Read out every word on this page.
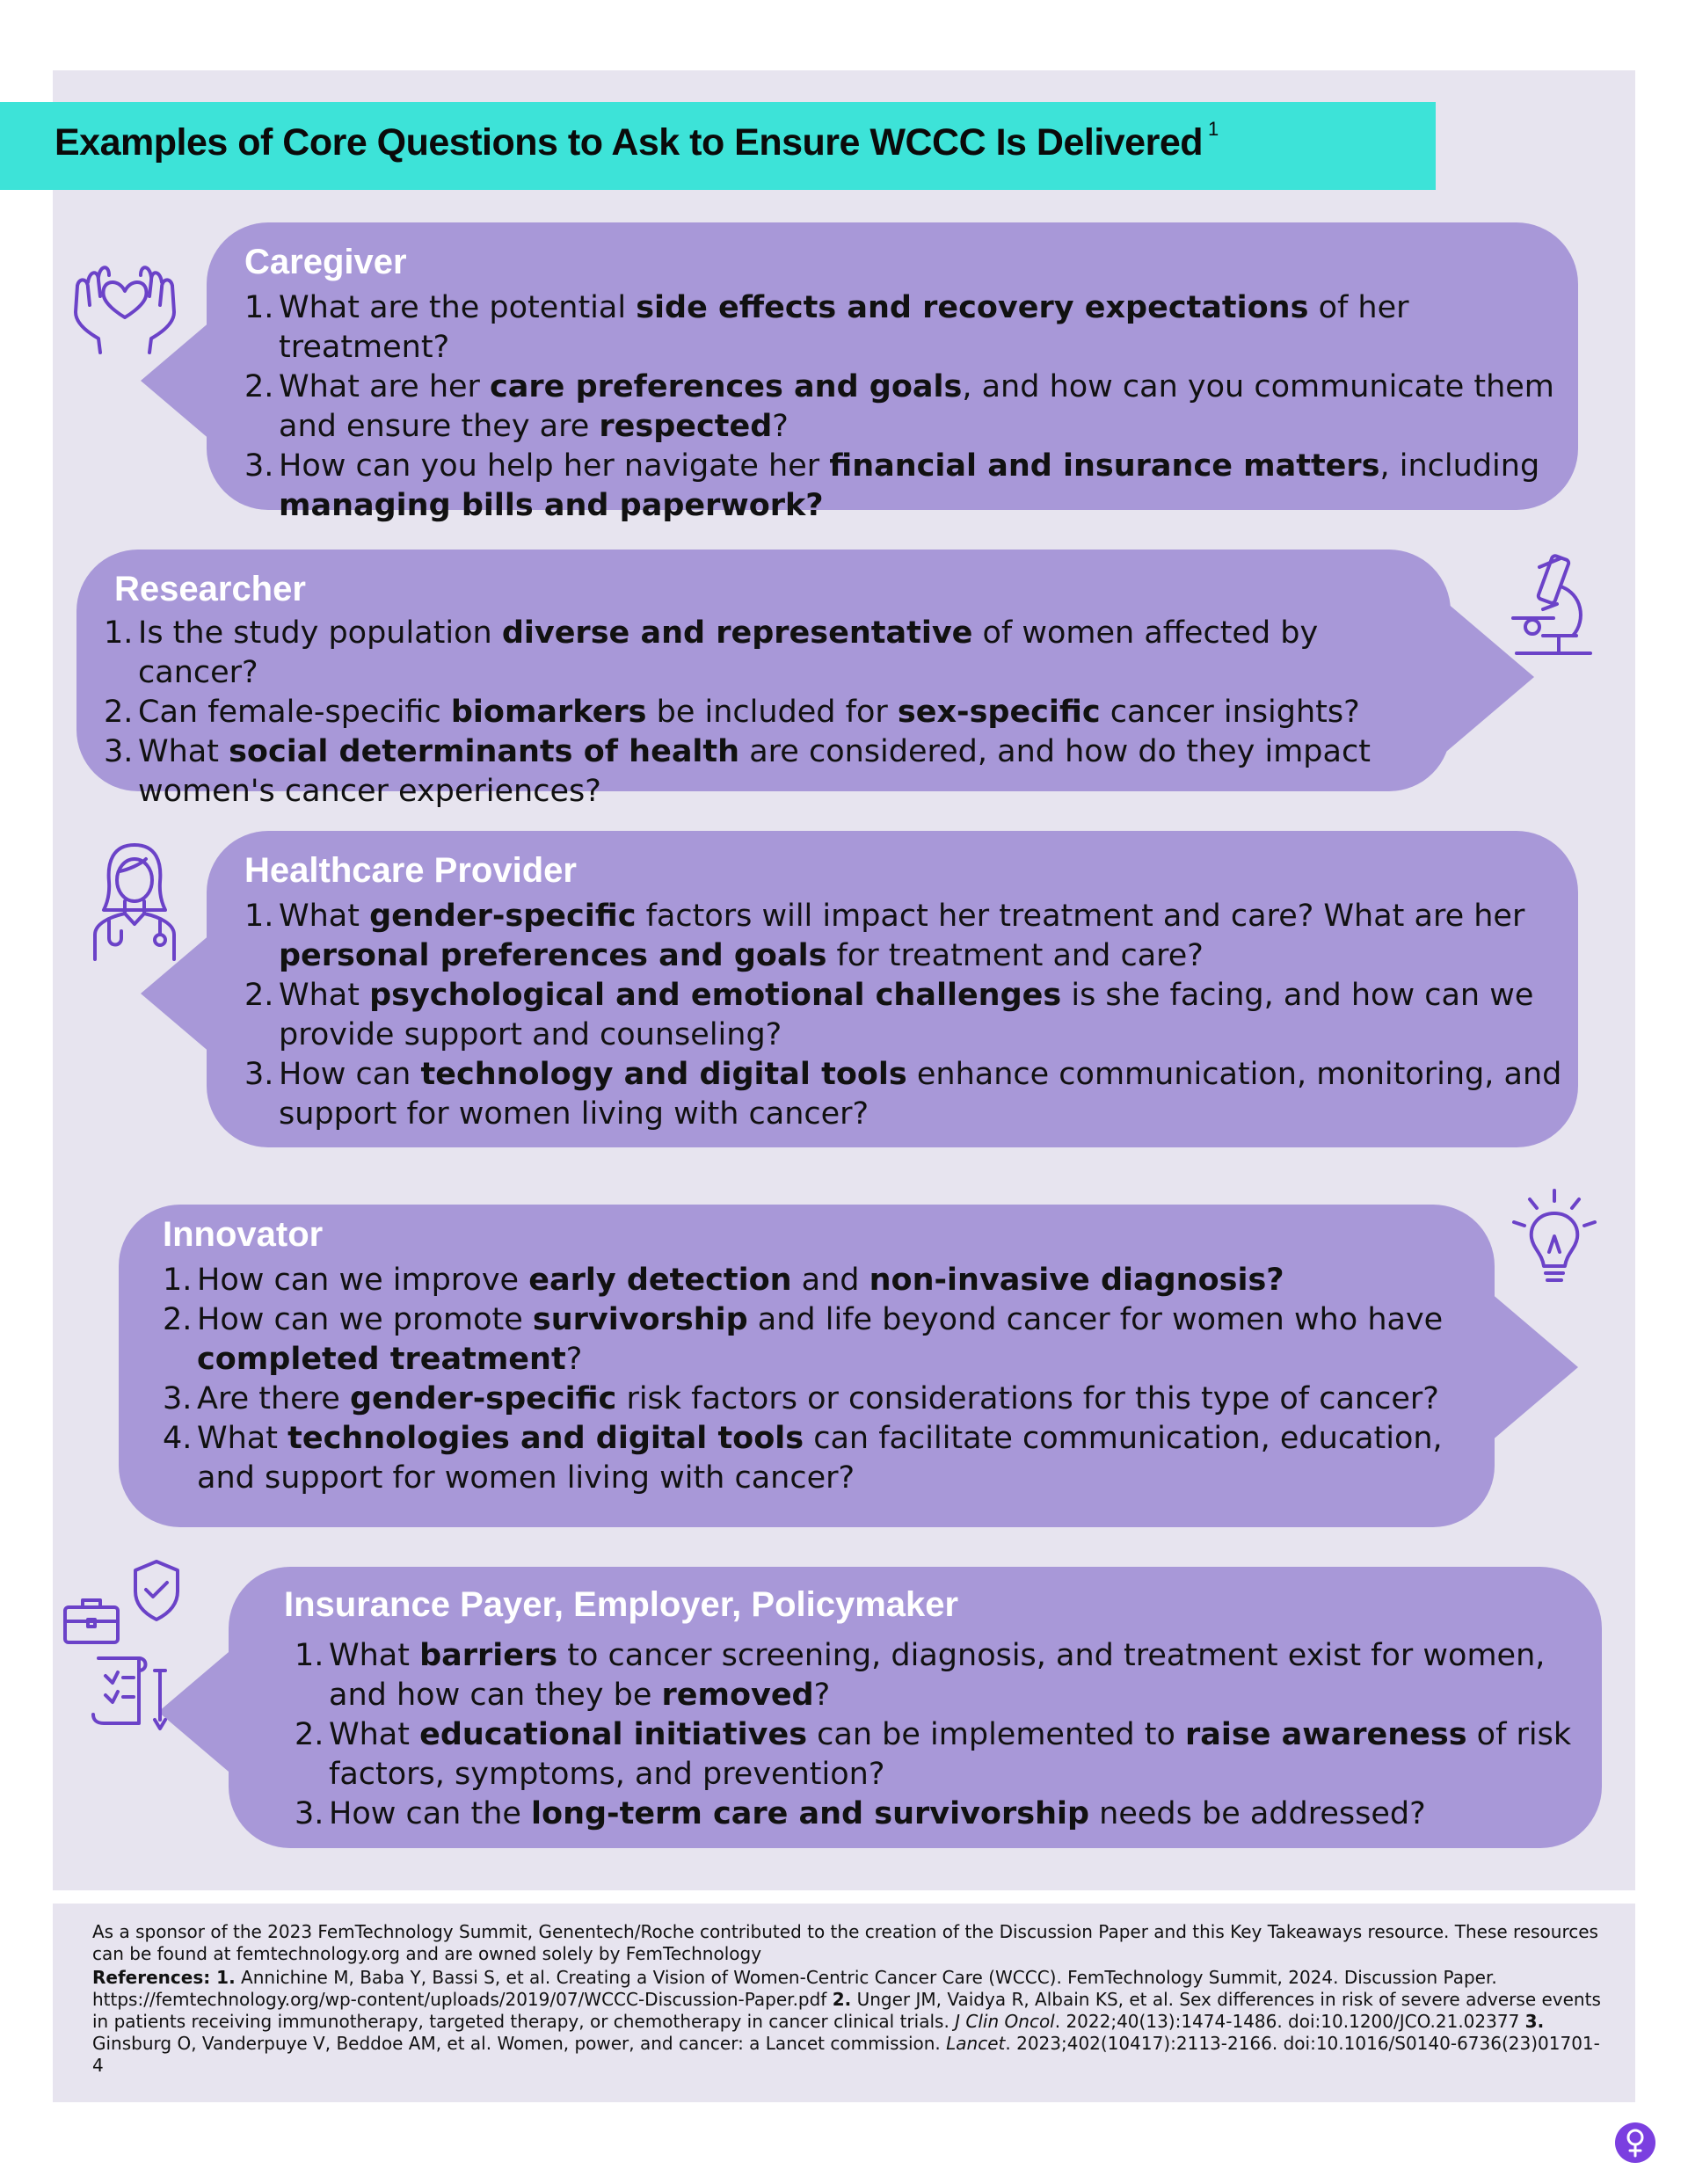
Examples of Core Questions to Ask to Ensure WCCC Is Delivered $^1$
Caregiver
1. What are the potential side effects and recovery expectations of her treatment?
2. What are her care preferences and goals, and how can you communicate them and ensure they are respected?
3. How can you help her navigate her financial and insurance matters, including managing bills and paperwork?
Researcher
1. Is the study population diverse and representative of women affected by cancer?
2. Can female-specific biomarkers be included for sex-specific cancer insights?
3. What social determinants of health are considered, and how do they impact women's cancer experiences?
Healthcare Provider
1. What gender-specific factors will impact her treatment and care? What are her personal preferences and goals for treatment and care?
2. What psychological and emotional challenges is she facing, and how can we provide support and counseling?
3. How can technology and digital tools enhance communication, monitoring, and support for women living with cancer?
Innovator
1. How can we improve early detection and non-invasive diagnosis?
2. How can we promote survivorship and life beyond cancer for women who have completed treatment?
3. Are there gender-specific risk factors or considerations for this type of cancer?
4. What technologies and digital tools can facilitate communication, education, and support for women living with cancer?
Insurance Payer, Employer, Policymaker
1. What barriers to cancer screening, diagnosis, and treatment exist for women, and how can they be removed?
2. What educational initiatives can be implemented to raise awareness of risk factors, symptoms, and prevention?
3. How can the long-term care and survivorship needs be addressed?
As a sponsor of the 2023 FemTechnology Summit, Genentech/Roche contributed to the creation of the Discussion Paper and this Key Takeaways resource. These resources can be found at femtechnology.org and are owned solely by FemTechnology
References: 1. Annichine M, Baba Y, Bassi S, et al. Creating a Vision of Women-Centric Cancer Care (WCCC). FemTechnology Summit, 2024. Discussion Paper. https://femtechnology.org/wp-content/uploads/2019/07/WCCC-Discussion-Paper.pdf 2. Unger JM, Vaidya R, Albain KS, et al. Sex differences in risk of severe adverse events in patients receiving immunotherapy, targeted therapy, or chemotherapy in cancer clinical trials. J Clin Oncol. 2022;40(13):1474-1486. doi:10.1200/JCO.21.02377 3. Ginsburg O, Vanderpuye V, Beddoe AM, et al. Women, power, and cancer: a Lancet commission. Lancet. 2023;402(10417):2113-2166. doi:10.1016/S0140-6736(23)01701-4
